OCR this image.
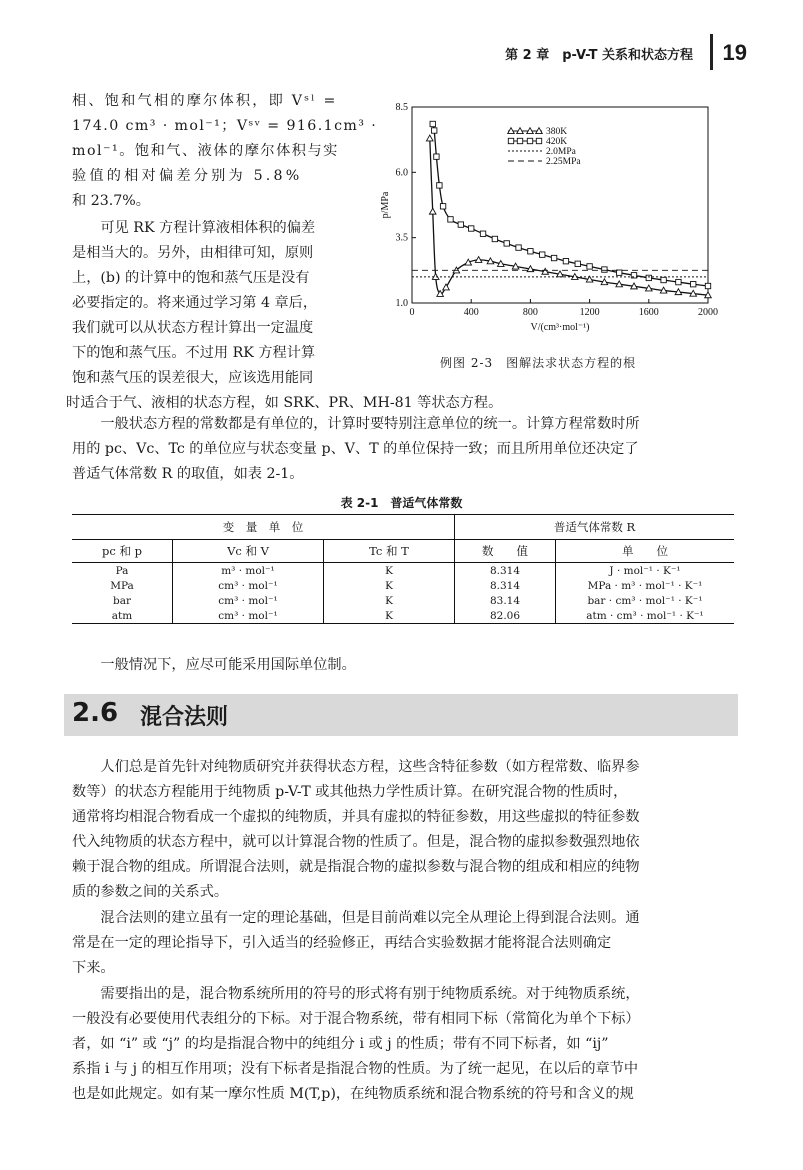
第 2 章　p-V-T 关系和状态方程 19

相、饱和气相的摩尔体积，即 Vˢˡ =

174.0 cm³ · mol⁻¹；Vˢᵛ = 916.1cm³ ·

mol⁻¹。饱和气、液体的摩尔体积与实

验值的相对偏差分别为 5.8%

和 23.7%。

　　可见 RK 方程计算液相体积的偏差

是相当大的。另外，由相律可知，原则

上，(b) 的计算中的饱和蒸气压是没有

必要指定的。将来通过学习第 4 章后，

我们就可以从状态方程计算出一定温度

下的饱和蒸气压。不过用 RK 方程计算

饱和蒸气压的误差很大，应该选用能同

时适合于气、液相的状态方程，如 SRK、PR、MH-81 等状态方程。

0	400	800	1200	1600	2000
1.0
3.5
6.0
8.5
V/(cm³·mol⁻¹)
p/MPa
380K
420K
2.0MPa
2.25MPa
例图 2-3　图解法求状态方程的根

　　一般状态方程的常数都是有单位的，计算时要特别注意单位的统一。计算方程常数时所

用的 pc、Vc、Tc 的单位应与状态变量 p、V、T 的单位保持一致；而且所用单位还决定了

普适气体常数 R 的取值，如表 2-1。

表 2-1　普适气体常数
变　量　单　位			普适气体常数 R	
pc 和 p	Vc 和 V	Tc 和 T	数　　值	单　　位
Pa	m³ · mol⁻¹	K	8.314	J · mol⁻¹ · K⁻¹
MPa	cm³ · mol⁻¹	K	8.314	MPa · m³ · mol⁻¹ · K⁻¹
bar	cm³ · mol⁻¹	K	83.14	bar · cm³ · mol⁻¹ · K⁻¹
atm	cm³ · mol⁻¹	K	82.06	atm · cm³ · mol⁻¹ · K⁻¹

　　一般情况下，应尽可能采用国际单位制。

2.6 混合法则

　　人们总是首先针对纯物质研究并获得状态方程，这些含特征参数（如方程常数、临界参

数等）的状态方程能用于纯物质 p-V-T 或其他热力学性质计算。在研究混合物的性质时，

通常将均相混合物看成一个虚拟的纯物质，并具有虚拟的特征参数，用这些虚拟的特征参数

代入纯物质的状态方程中，就可以计算混合物的性质了。但是，混合物的虚拟参数强烈地依

赖于混合物的组成。所谓混合法则，就是指混合物的虚拟参数与混合物的组成和相应的纯物

质的参数之间的关系式。

　　混合法则的建立虽有一定的理论基础，但是目前尚难以完全从理论上得到混合法则。通

常是在一定的理论指导下，引入适当的经验修正，再结合实验数据才能将混合法则确定

下来。

　　需要指出的是，混合物系统所用的符号的形式将有别于纯物质系统。对于纯物质系统，

一般没有必要使用代表组分的下标。对于混合物系统，带有相同下标（常简化为单个下标）

者，如 “i” 或 “j” 的均是指混合物中的纯组分 i 或 j 的性质；带有不同下标者，如 “ij”

系指 i 与 j 的相互作用项；没有下标者是指混合物的性质。为了统一起见，在以后的章节中

也是如此规定。如有某一摩尔性质 M(T,p)，在纯物质系统和混合物系统的符号和含义的规
